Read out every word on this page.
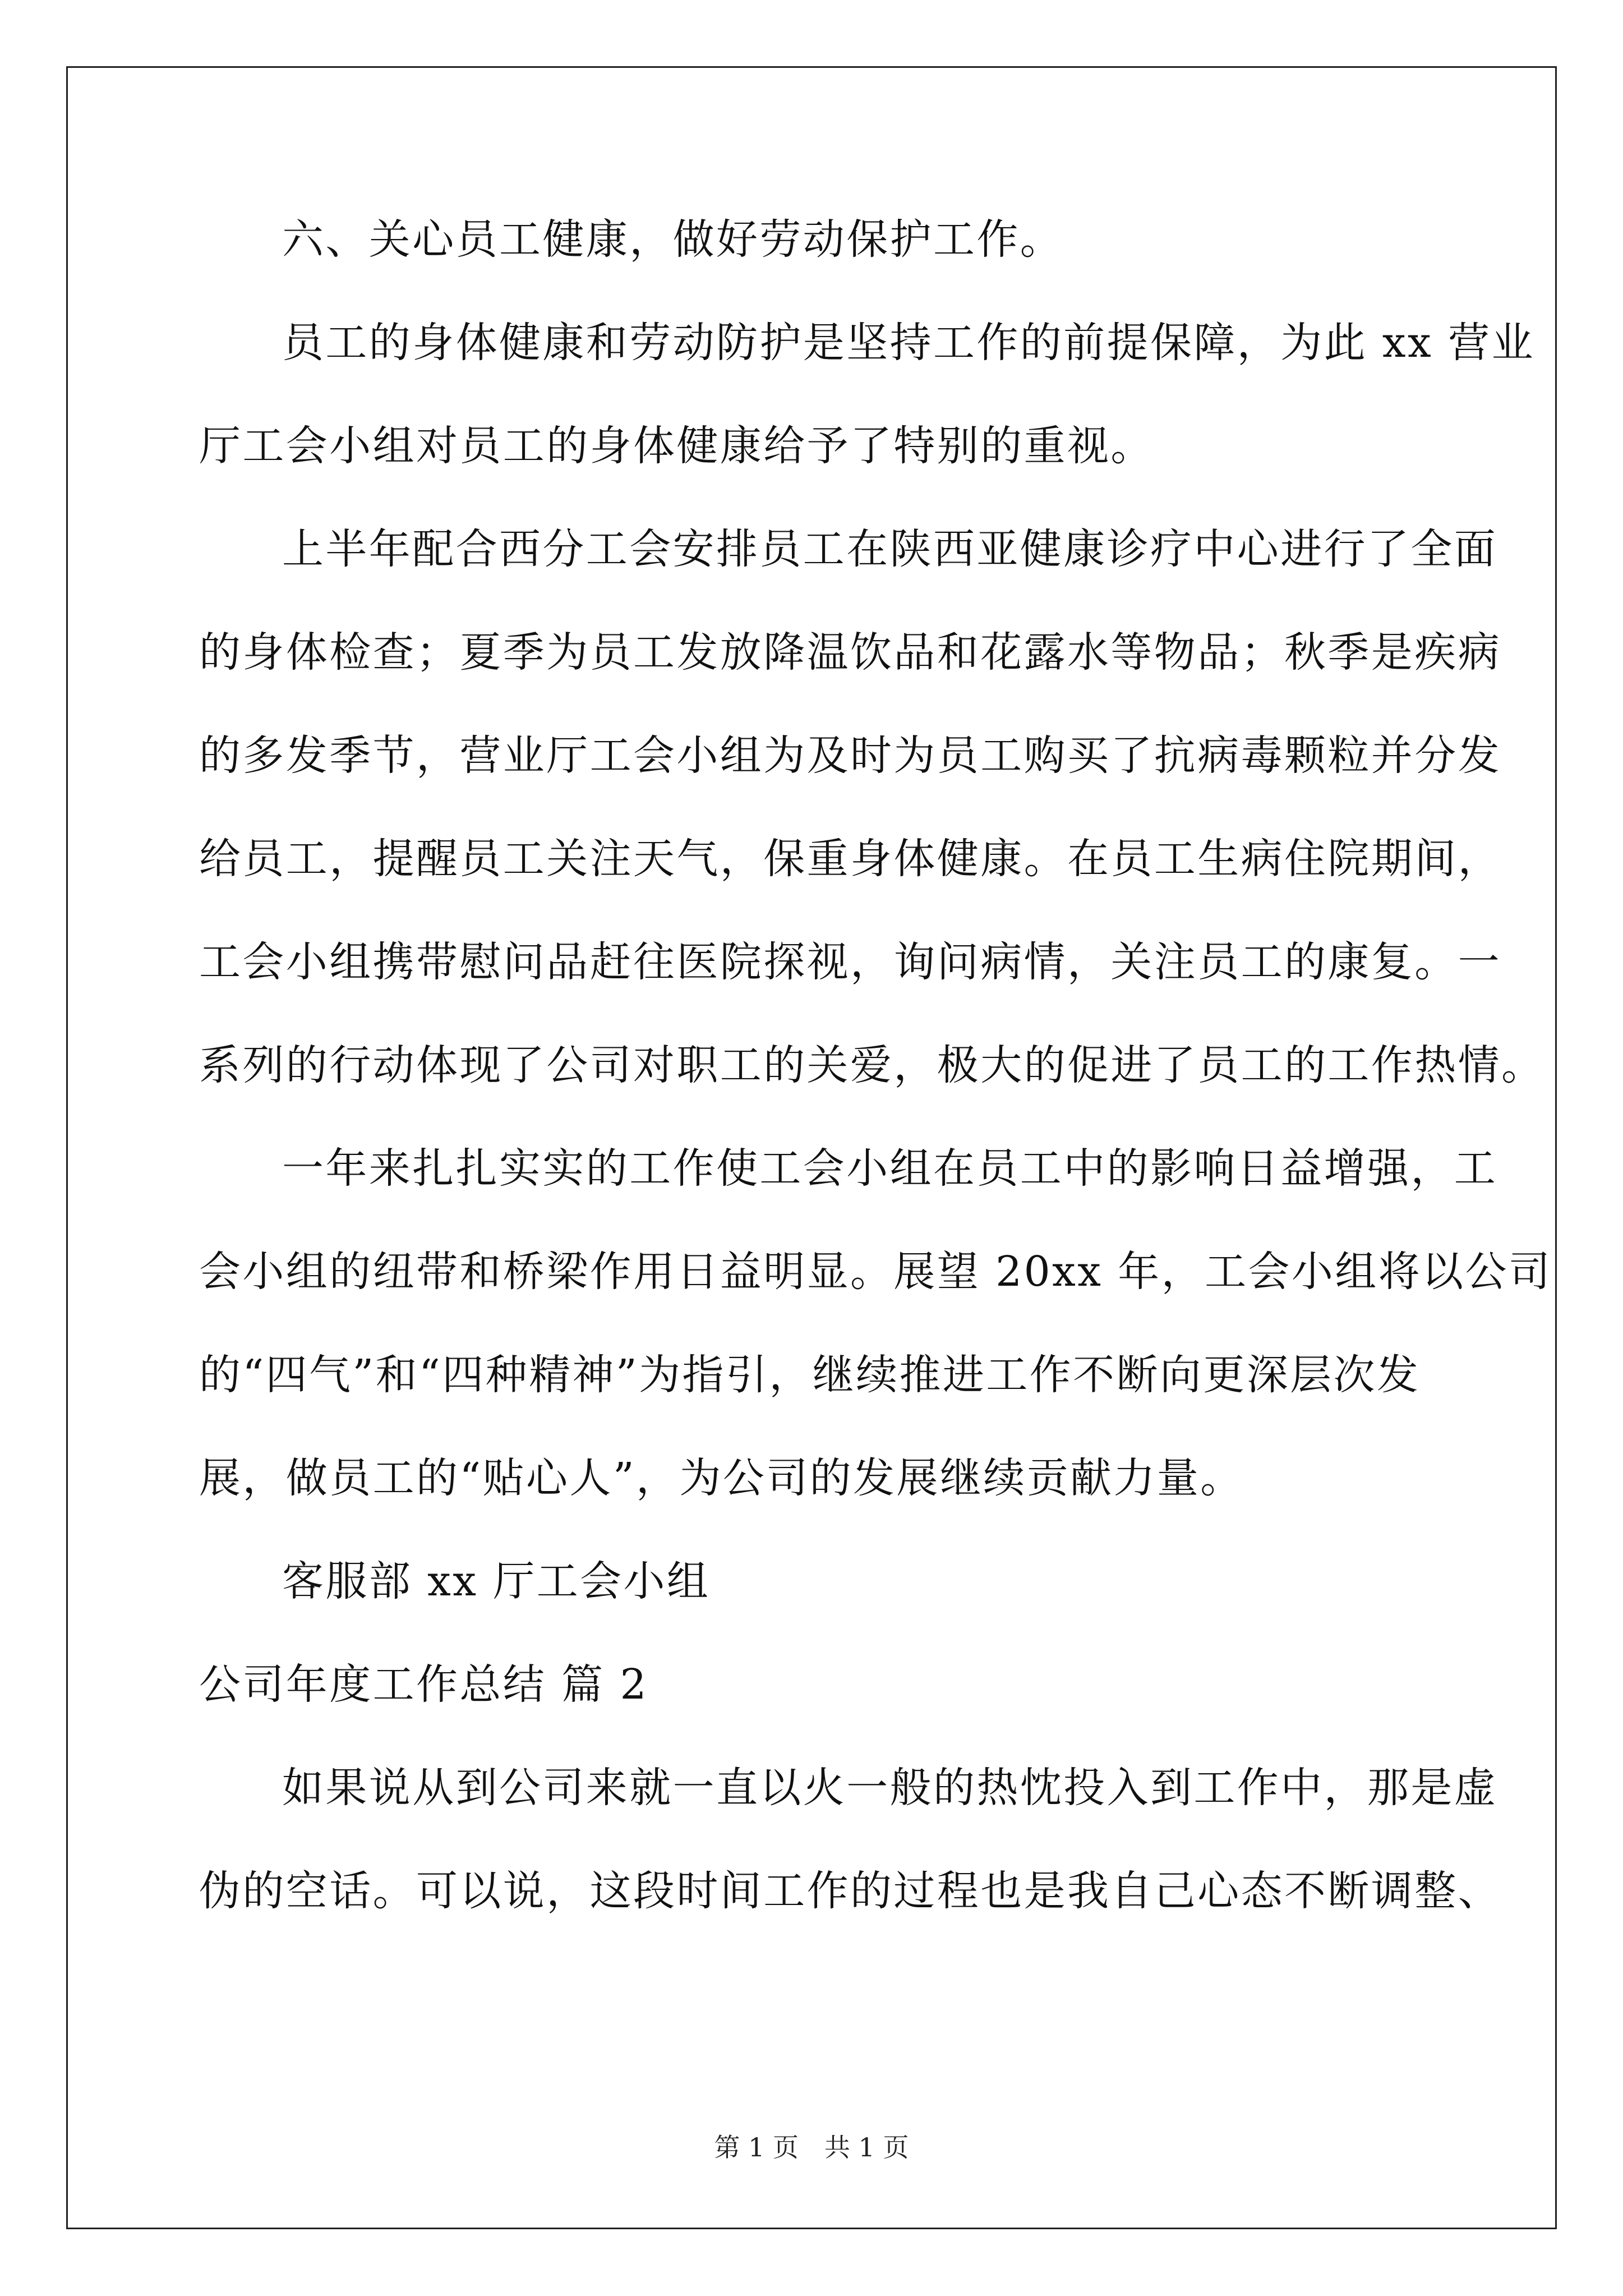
六、关心员工健康，做好劳动保护工作。
员工的身体健康和劳动防护是坚持工作的前提保障，为此 xx 营业
厅工会小组对员工的身体健康给予了特别的重视。
上半年配合西分工会安排员工在陕西亚健康诊疗中心进行了全面
的身体检查；夏季为员工发放降温饮品和花露水等物品；秋季是疾病
的多发季节，营业厅工会小组为及时为员工购买了抗病毒颗粒并分发
给员工，提醒员工关注天气，保重身体健康。在员工生病住院期间，
工会小组携带慰问品赶往医院探视，询问病情，关注员工的康复。一
系列的行动体现了公司对职工的关爱，极大的促进了员工的工作热情。
一年来扎扎实实的工作使工会小组在员工中的影响日益增强，工
会小组的纽带和桥梁作用日益明显。展望 20xx 年，工会小组将以公司
的“四气”和“四种精神”为指引，继续推进工作不断向更深层次发
展，做员工的“贴心人”，为公司的发展继续贡献力量。
客服部 xx 厅工会小组
公司年度工作总结 篇 2
如果说从到公司来就一直以火一般的热忱投入到工作中，那是虚
伪的空话。可以说，这段时间工作的过程也是我自己心态不断调整、
第 1 页　共 1 页
